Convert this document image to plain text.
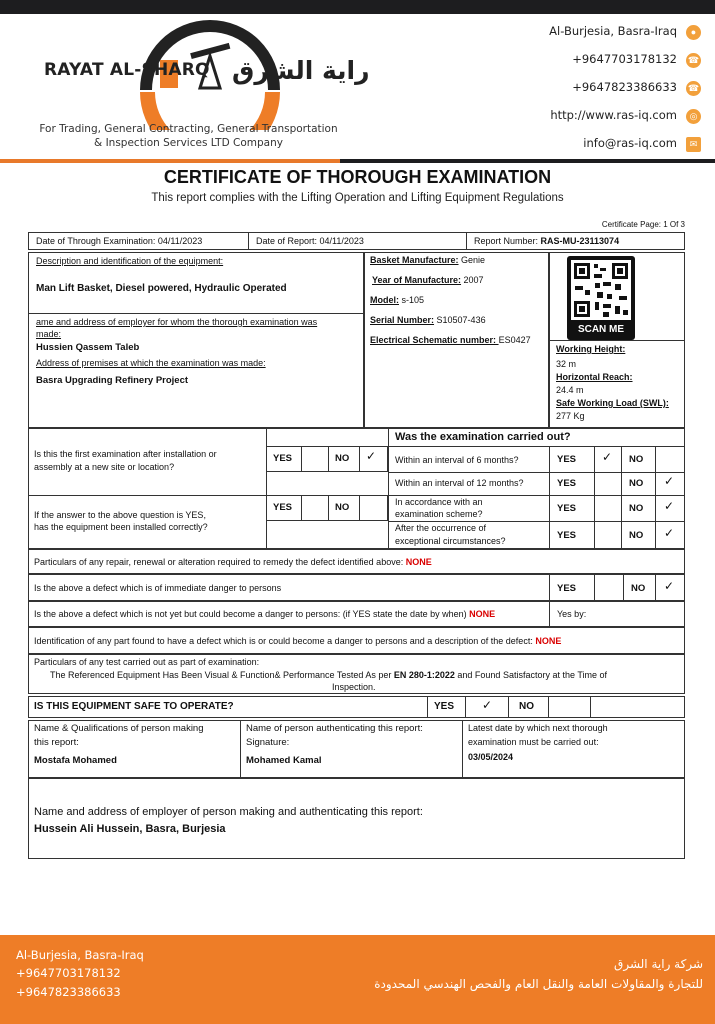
RAYAT AL-SHARQ راية الشرق
For Trading, General Contracting, General Transportation
& Inspection Services LTD Company
Al-Burjesia, Basra-Iraq	●
+9647703178132 ☎
+9647823386633 ☎
http://www.ras-iq.com	◎
info@ras-iq.com	✉
CERTIFICATE OF THOROUGH EXAMINATION
This report complies with the Lifting Operation and Lifting Equipment Regulations
Certificate Page: 1 Of 3
Date of Through Examination: 04/11/2023	Date of Report: 04/11/2023	Report Number: RAS-MU-23113074
Description and identification of the equipment:
Man Lift Basket, Diesel powered, Hydraulic Operated
ame and address of employer for whom the thorough examination was
made:
Hussien Qassem Taleb
Address of premises at which the examination was made:
Basra Upgrading Refinery Project
Basket Manufacture: Genie
Year of Manufacture: 2007
Model: s-105
Serial Number: S10507-436
Electrical Schematic number: ES0427
SCAN ME
Working Height:
32 m
Horizontal Reach:
24.4 m
Safe Working Load (SWL):
277 Kg
Was the examination carried out?
Is this the first examination after installation or
assembly at a new site or location?
YES	NO ✓
If the answer to the above question is YES,
has the equipment been installed correctly?
YES	NO
Within an interval of 6 months?	YES ✓ NO
Within an interval of 12 months?	YES	NO ✓
In accordance with an
examination scheme?	YES	NO ✓
After the occurrence of
exceptional circumstances?	YES	NO ✓
Particulars of any repair, renewal or alteration required to remedy the defect identified above: NONE
Is the above a defect which is of immediate danger to persons	YES	NO ✓
Is the above a defect which is not yet but could become a danger to persons: (if YES state the date by when) NONE	Yes by:
Identification of any part found to have a defect which is or could become a danger to persons and a description of the defect: NONE
Particulars of any test carried out as part of examination:
The Referenced Equipment Has Been Visual & Function& Performance Tested As per EN 280-1:2022 and Found Satisfactory at the Time of
Inspection.
IS THIS EQUIPMENT SAFE TO OPERATE?	YES ✓	NO
Name & Qualifications of person making
this report:
Mostafa Mohamed
Name of person authenticating this report:
Signature:
Mohamed Kamal
Latest date by which next thorough
examination must be carried out:
03/05/2024
Name and address of employer of person making and authenticating this report:
Hussein Ali Hussein, Basra, Burjesia
Al-Burjesia, Basra-Iraq
+9647703178132
+9647823386633
شركة راية الشرق
للتجارة والمقاولات العامة والنقل العام والفحص الهندسي المحدودة
